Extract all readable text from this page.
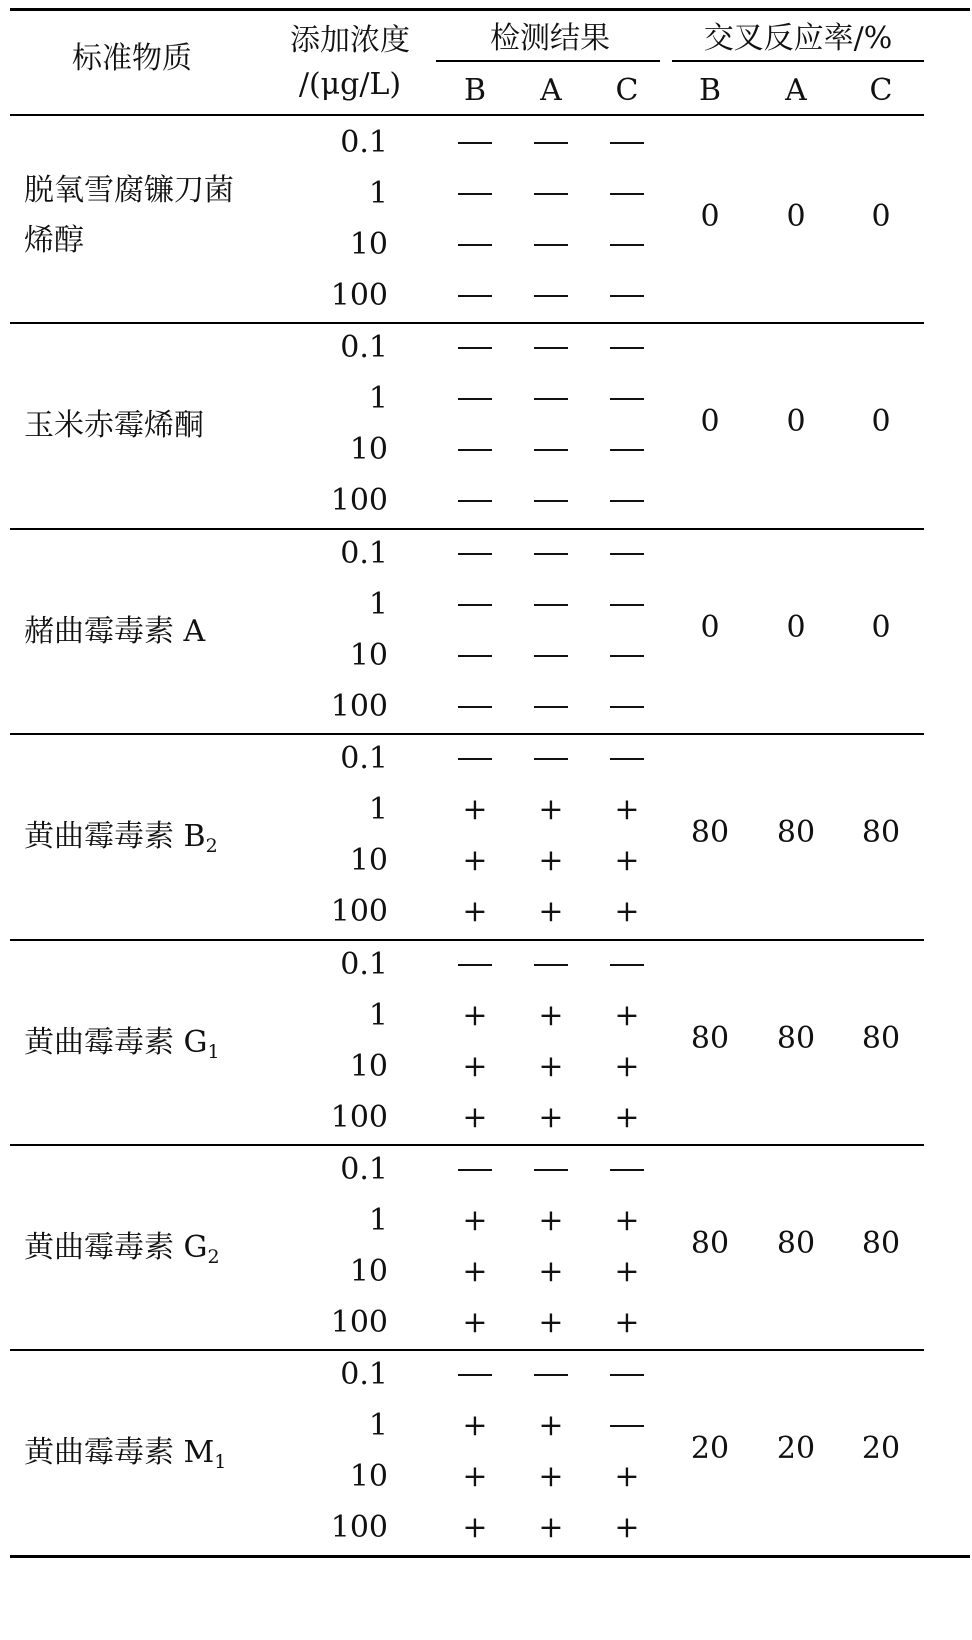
标准物质
添加浓度
/(μg/L)
检测结果	交叉反应率/%
B A C B A C
脱氧雪腐镰刀菌
烯醇
0.1
1
10
100
0 0 0
玉米赤霉烯酮
0.1
1
10
100
0 0 0
赭曲霉毒素 A
0.1
1
10
100
0 0 0
黄曲霉毒素 $B_2$
0.1
1 + + +
10 + + +
100 + + +
80 80 80
黄曲霉毒素 $G_1$
0.1
1 + + +
10 + + +
100 + + +
80 80 80
黄曲霉毒素 $G_2$
0.1
1 + + +
10 + + +
100 + + +
80 80 80
黄曲霉毒素 $M_1$
0.1
1 + +
10 + + +
100 + + +
20 20 20
